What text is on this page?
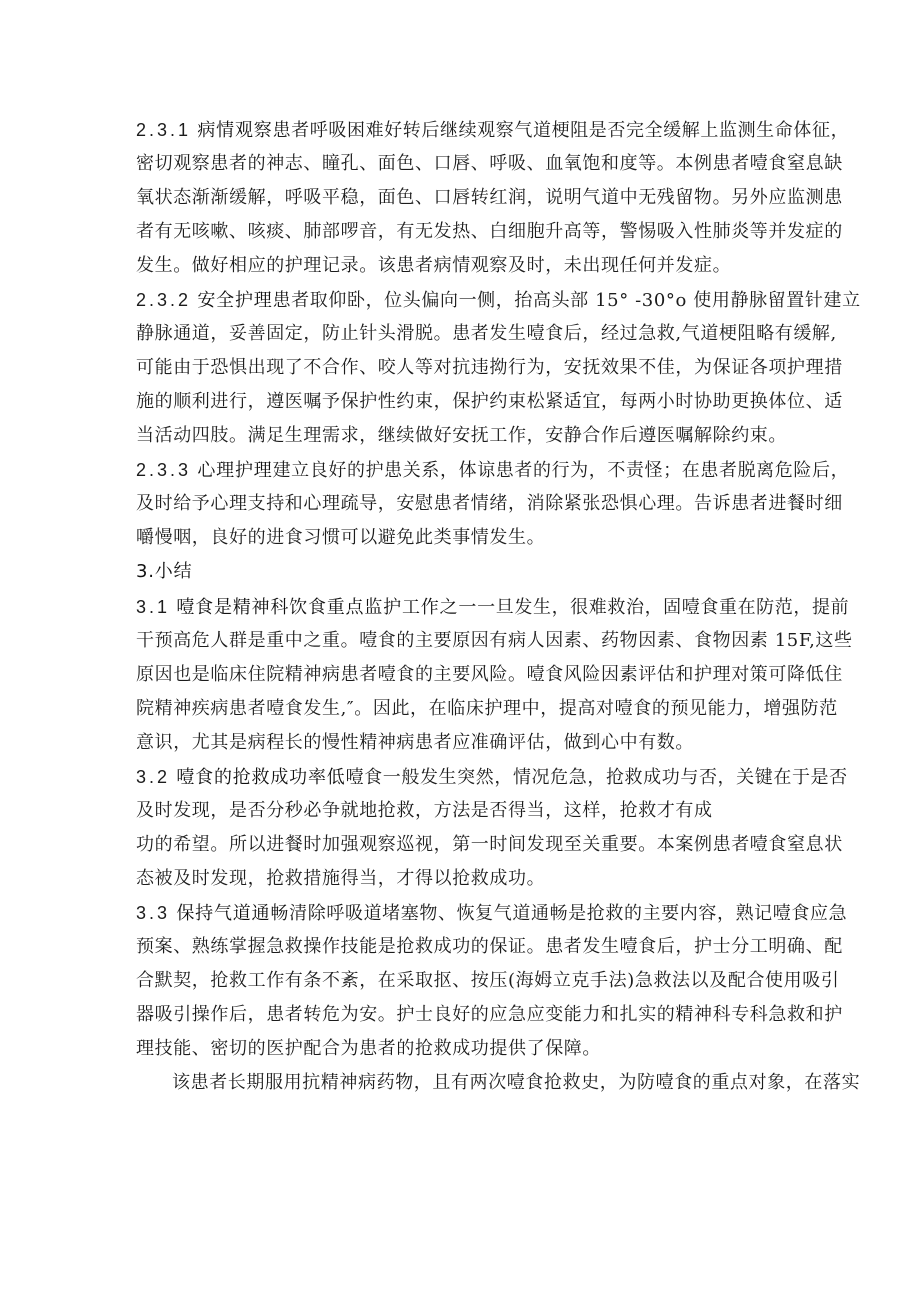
2.3.1 病情观察患者呼吸困难好转后继续观察气道梗阻是否完全缓解上监测生命体征，
密切观察患者的神志、瞳孔、面色、口唇、呼吸、血氧饱和度等。本例患者噎食窒息缺
氧状态渐渐缓解，呼吸平稳，面色、口唇转红润，说明气道中无残留物。另外应监测患
者有无咳嗽、咳痰、肺部啰音，有无发热、白细胞升高等，警惕吸入性肺炎等并发症的
发生。做好相应的护理记录。该患者病情观察及时，未出现任何并发症。
2.3.2 安全护理患者取仰卧，位头偏向一侧，抬高头部 15° -30°o 使用静脉留置针建立
静脉通道，妥善固定，防止针头滑脱。患者发生噎食后，经过急救,气道梗阻略有缓解,
可能由于恐惧出现了不合作、咬人等对抗违拗行为，安抚效果不佳，为保证各项护理措
施的顺利进行，遵医嘱予保护性约束，保护约束松紧适宜，每两小时协助更换体位、适
当活动四肢。满足生理需求，继续做好安抚工作，安静合作后遵医嘱解除约束。
2.3.3 心理护理建立良好的护患关系，体谅患者的行为，不责怪；在患者脱离危险后，
及时给予心理支持和心理疏导，安慰患者情绪，消除紧张恐惧心理。告诉患者进餐时细
嚼慢咽，良好的进食习惯可以避免此类事情发生。
3.小结
3.1 噎食是精神科饮食重点监护工作之一一旦发生，很难救治，固噎食重在防范，提前
干预高危人群是重中之重。噎食的主要原因有病人因素、药物因素、食物因素 15F,这些
原因也是临床住院精神病患者噎食的主要风险。噎食风险因素评估和护理对策可降低住
院精神疾病患者噎食发生,″。因此，在临床护理中，提高对噎食的预见能力，增强防范
意识，尤其是病程长的慢性精神病患者应准确评估，做到心中有数。
3.2 噎食的抢救成功率低噎食一般发生突然，情况危急，抢救成功与否，关键在于是否
及时发现，是否分秒必争就地抢救，方法是否得当，这样，抢救才有成
功的希望。所以进餐时加强观察巡视，第一时间发现至关重要。本案例患者噎食窒息状
态被及时发现，抢救措施得当，才得以抢救成功。
3.3 保持气道通畅清除呼吸道堵塞物、恢复气道通畅是抢救的主要内容，熟记噎食应急
预案、熟练掌握急救操作技能是抢救成功的保证。患者发生噎食后，护士分工明确、配
合默契，抢救工作有条不紊，在采取抠、按压(海姆立克手法)急救法以及配合使用吸引
器吸引操作后，患者转危为安。护士良好的应急应变能力和扎实的精神科专科急救和护
理技能、密切的医护配合为患者的抢救成功提供了保障。
该患者长期服用抗精神病药物，且有两次噎食抢救史，为防噎食的重点对象，在落实
